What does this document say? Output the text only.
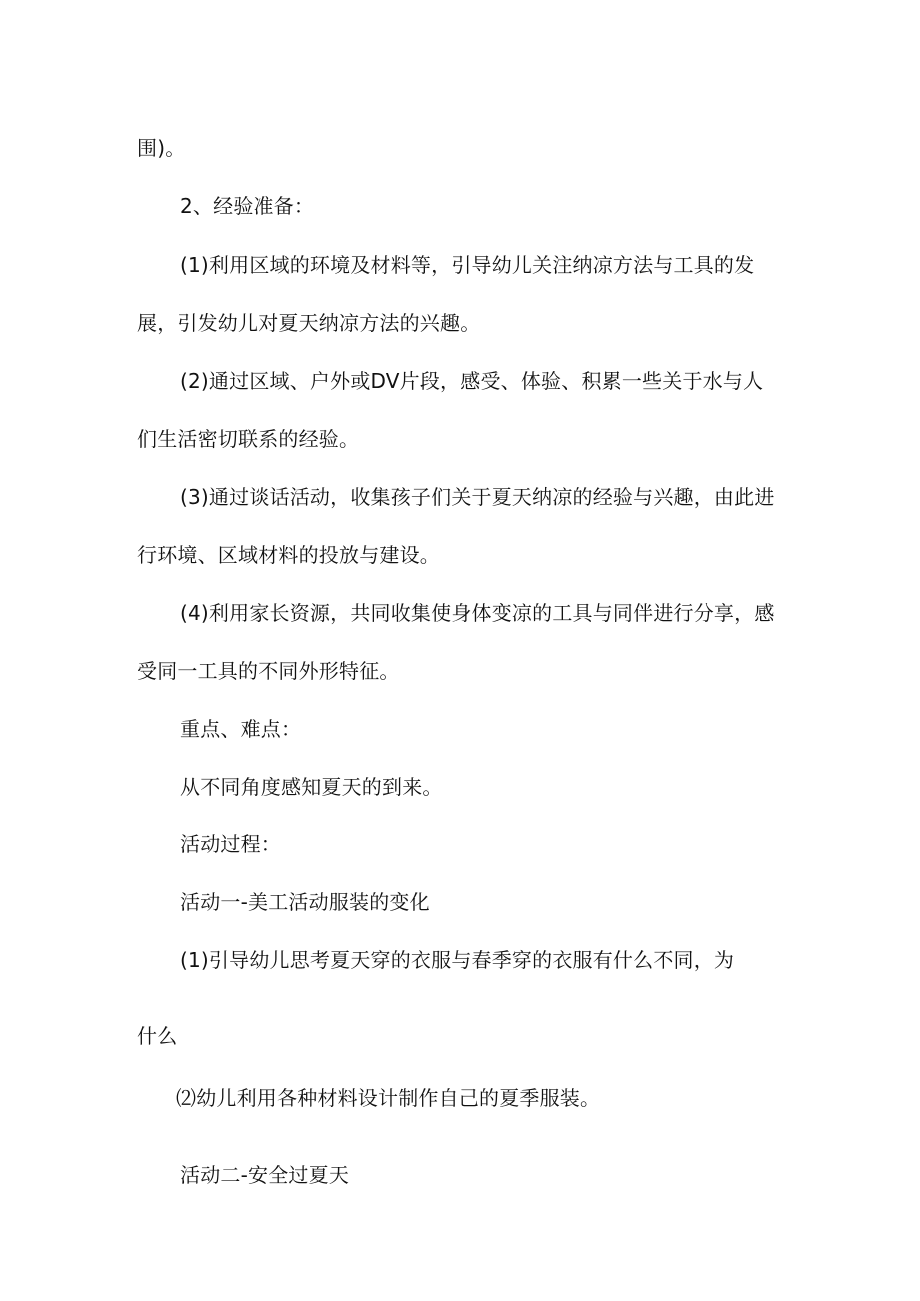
围)。
2、经验准备：
(1)利用区域的环境及材料等，引导幼儿关注纳凉方法与工具的发
展，引发幼儿对夏天纳凉方法的兴趣。
(2)通过区域、户外或DV片段，感受、体验、积累一些关于水与人
们生活密切联系的经验。
(3)通过谈话活动，收集孩子们关于夏天纳凉的经验与兴趣，由此进
行环境、区域材料的投放与建设。
(4)利用家长资源，共同收集使身体变凉的工具与同伴进行分享，感
受同一工具的不同外形特征。
重点、难点：
从不同角度感知夏天的到来。
活动过程：
活动一-美工活动服装的变化
(1)引导幼儿思考夏天穿的衣服与春季穿的衣服有什么不同，为
什么
⑵幼儿利用各种材料设计制作自己的夏季服装。
活动二-安全过夏天
